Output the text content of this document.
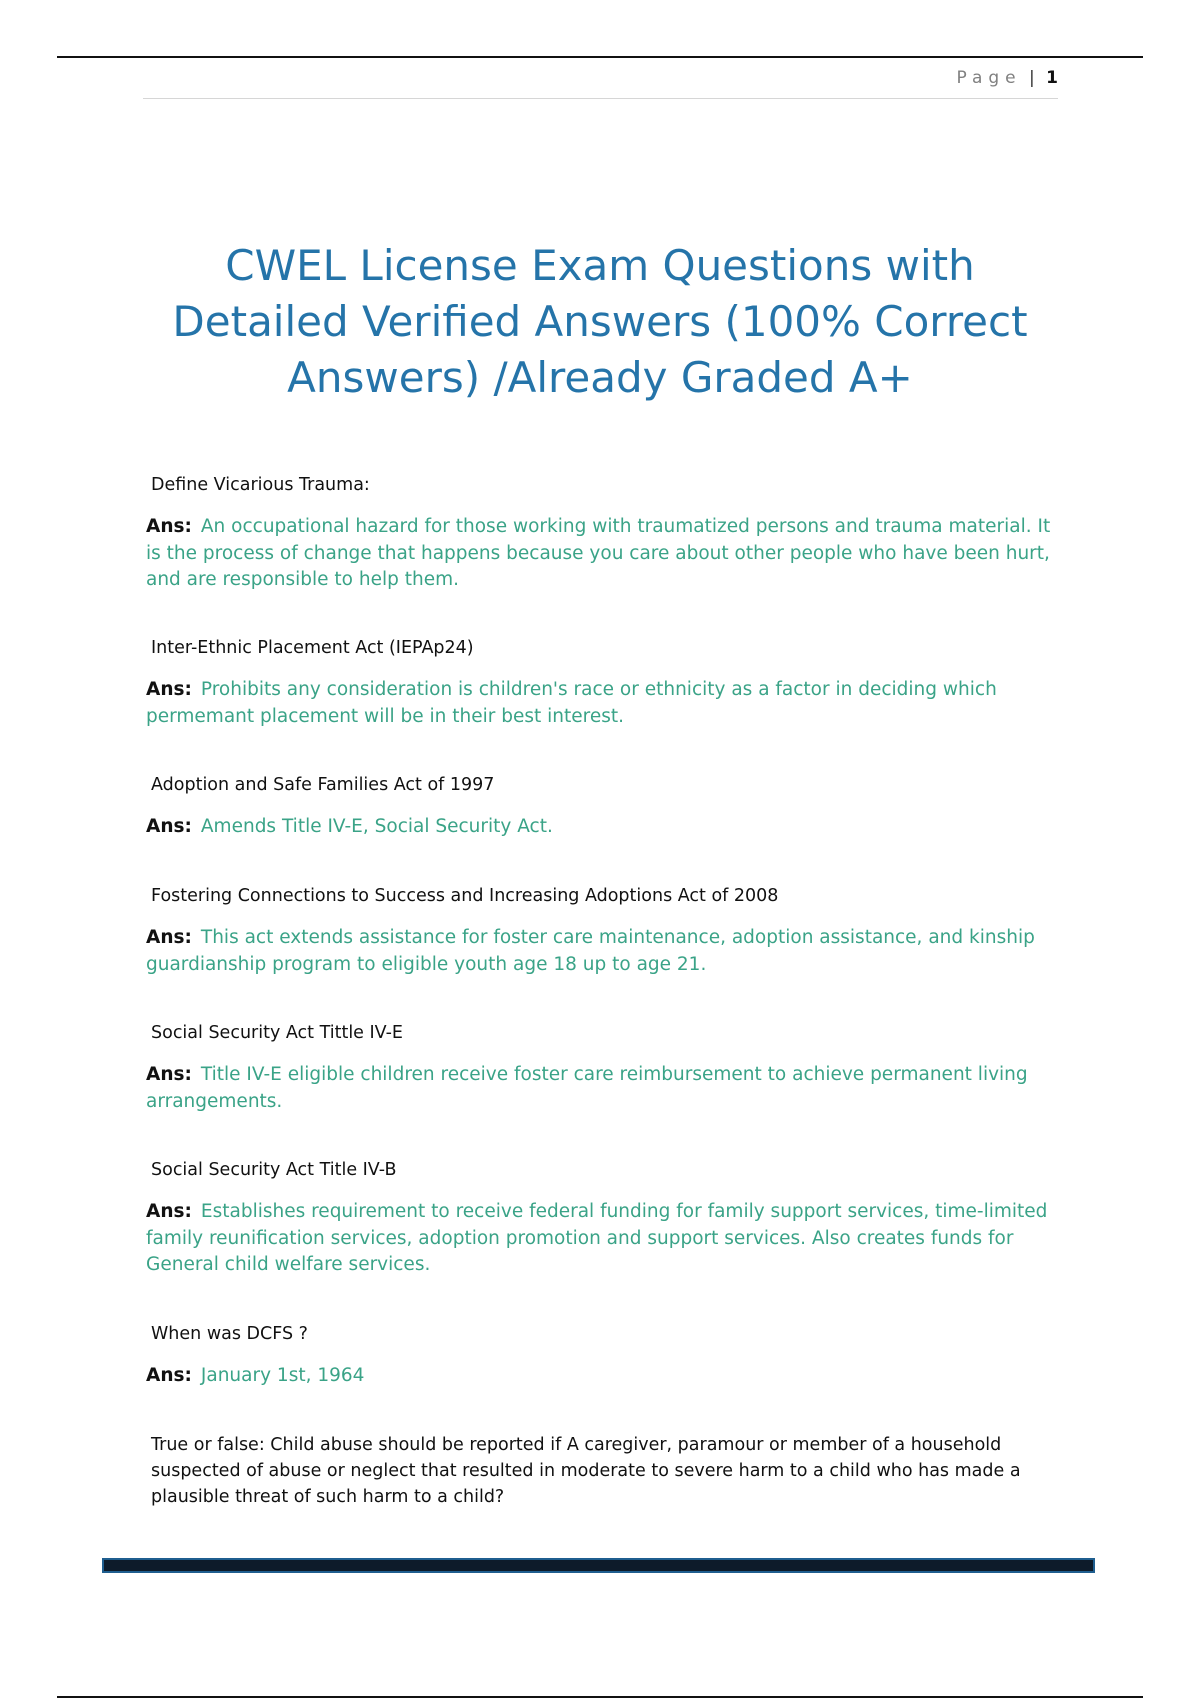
Page | 1
CWEL License Exam Questions with
Detailed Verified Answers (100% Correct
Answers) /Already Graded A+

Define Vicarious Trauma:

Ans: An occupational hazard for those working with traumatized persons and trauma material. It is the process of change that happens because you care about other people who have been hurt, and are responsible to help them.

Inter-Ethnic Placement Act (IEPAp24)

Ans: Prohibits any consideration is children's race or ethnicity as a factor in deciding which permemant placement will be in their best interest.

Adoption and Safe Families Act of 1997

Ans: Amends Title IV-E, Social Security Act.

Fostering Connections to Success and Increasing Adoptions Act of 2008

Ans: This act extends assistance for foster care maintenance, adoption assistance, and kinship guardianship program to eligible youth age 18 up to age 21.

Social Security Act Tittle IV-E

Ans: Title IV-E eligible children receive foster care reimbursement to achieve permanent living arrangements.

Social Security Act Title IV-B

Ans: Establishes requirement to receive federal funding for family support services, time-limited family reunification services, adoption promotion and support services. Also creates funds for General child welfare services.

When was DCFS ?

Ans: January 1st, 1964

True or false: Child abuse should be reported if A caregiver, paramour or member of a household suspected of abuse or neglect that resulted in moderate to severe harm to a child who has made a plausible threat of such harm to a child?
